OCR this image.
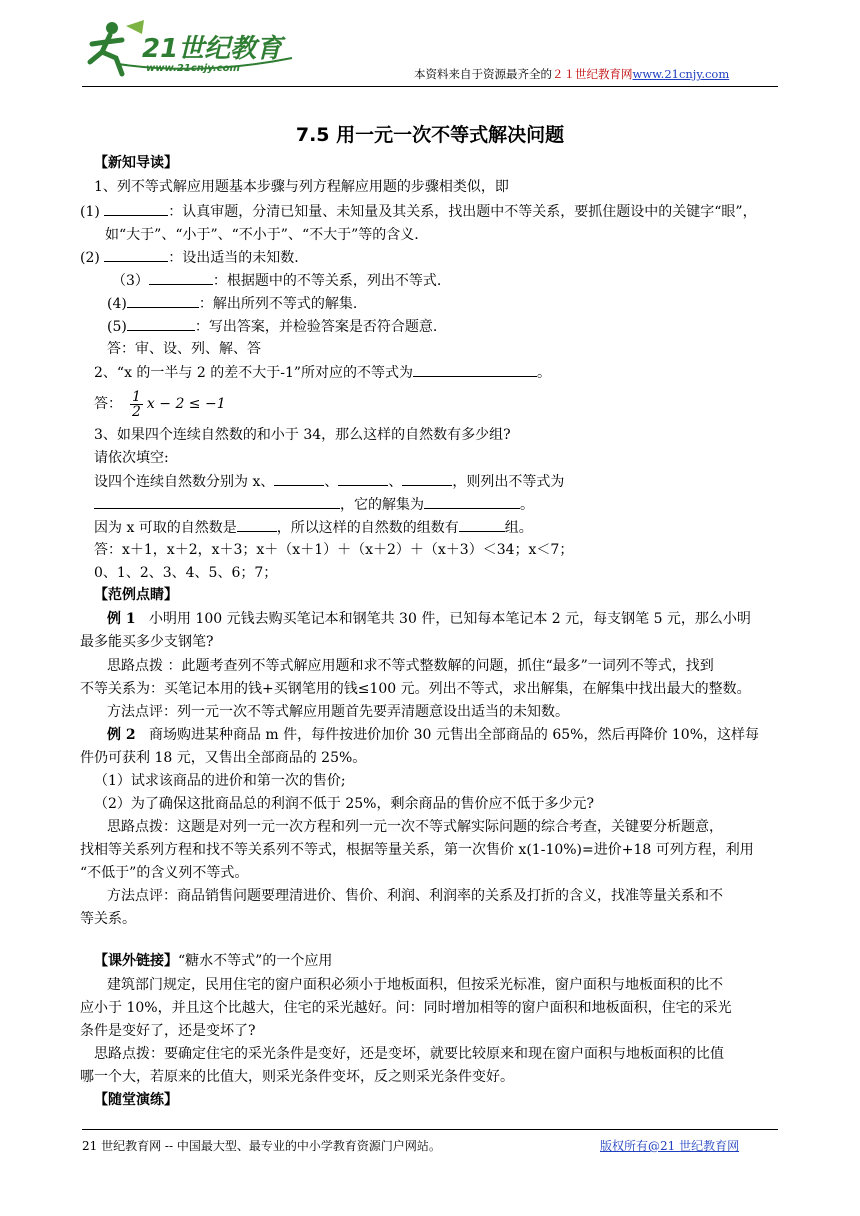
21世纪教育
www.21cnjy.com	本资料来自于资源最齐全的２１世纪教育网www.21cnjy.com
7.5 用一元一次不等式解决问题
【新知导读】
1、列不等式解应用题基本步骤与列方程解应用题的步骤相类似，即
(1)	：认真审题，分清已知量、未知量及其关系，找出题中不等关系，要抓住题设中的关键字“眼”，
如“大于”、“小于”、“不小于”、“不大于”等的含义.
(2)	：设出适当的未知数.
（3）	：根据题中的不等关系，列出不等式.
(4)	：解出所列不等式的解集.
(5)	：写出答案，并检验答案是否符合题意.
答：审、设、列、解、答
2、“x 的一半与 2 的差不大于-1”所对应的不等式为	。
答： $\frac{1}{2}$ x − 2 ≤ −1
3、如果四个连续自然数的和小于 34，那么这样的自然数有多少组?
请依次填空:
设四个连续自然数分别为 x、	、	、	，则列出不等式为
，它的解集为	。
因为 x 可取的自然数是	，所以这样的自然数的组数有	组。
答：x＋1，x＋2，x＋3；x＋（x＋1）＋（x＋2）＋（x＋3）＜34；x＜7；
0、1、2、3、4、5、6；7；
【范例点睛】
例 1 小明用 100 元钱去购买笔记本和钢笔共 30 件，已知每本笔记本 2 元，每支钢笔 5 元，那么小明
最多能买多少支钢笔?
思路点拨 ：此题考查列不等式解应用题和求不等式整数解的问题，抓住“最多”一词列不等式，找到
不等关系为：买笔记本用的钱+买钢笔用的钱≤100 元。列出不等式，求出解集，在解集中找出最大的整数。
方法点评：列一元一次不等式解应用题首先要弄清题意设出适当的未知数。
例 2 商场购进某种商品 m 件，每件按进价加价 30 元售出全部商品的 65%，然后再降价 10%，这样每
件仍可获利 18 元，又售出全部商品的 25%。
（1）试求该商品的进价和第一次的售价;
（2）为了确保这批商品总的利润不低于 25%，剩余商品的售价应不低于多少元?
思路点拨：这题是对列一元一次方程和列一元一次不等式解实际问题的综合考查，关键要分析题意，
找相等关系列方程和找不等关系列不等式，根据等量关系，第一次售价 x(1-10%)=进价+18 可列方程，利用
“不低于”的含义列不等式。
方法点评：商品销售问题要理清进价、售价、利润、利润率的关系及打折的含义，找准等量关系和不
等关系。
【课外链接】“糖水不等式”的一个应用
建筑部门规定，民用住宅的窗户面积必须小于地板面积，但按采光标准，窗户面积与地板面积的比不
应小于 10%，并且这个比越大，住宅的采光越好。问：同时增加相等的窗户面积和地板面积，住宅的采光
条件是变好了，还是变坏了?
思路点拨：要确定住宅的采光条件是变好，还是变坏，就要比较原来和现在窗户面积与地板面积的比值
哪一个大，若原来的比值大，则采光条件变坏，反之则采光条件变好。
【随堂演练】
21 世纪教育网 -- 中国最大型、最专业的中小学教育资源门户网站。	版权所有@21 世纪教育网
